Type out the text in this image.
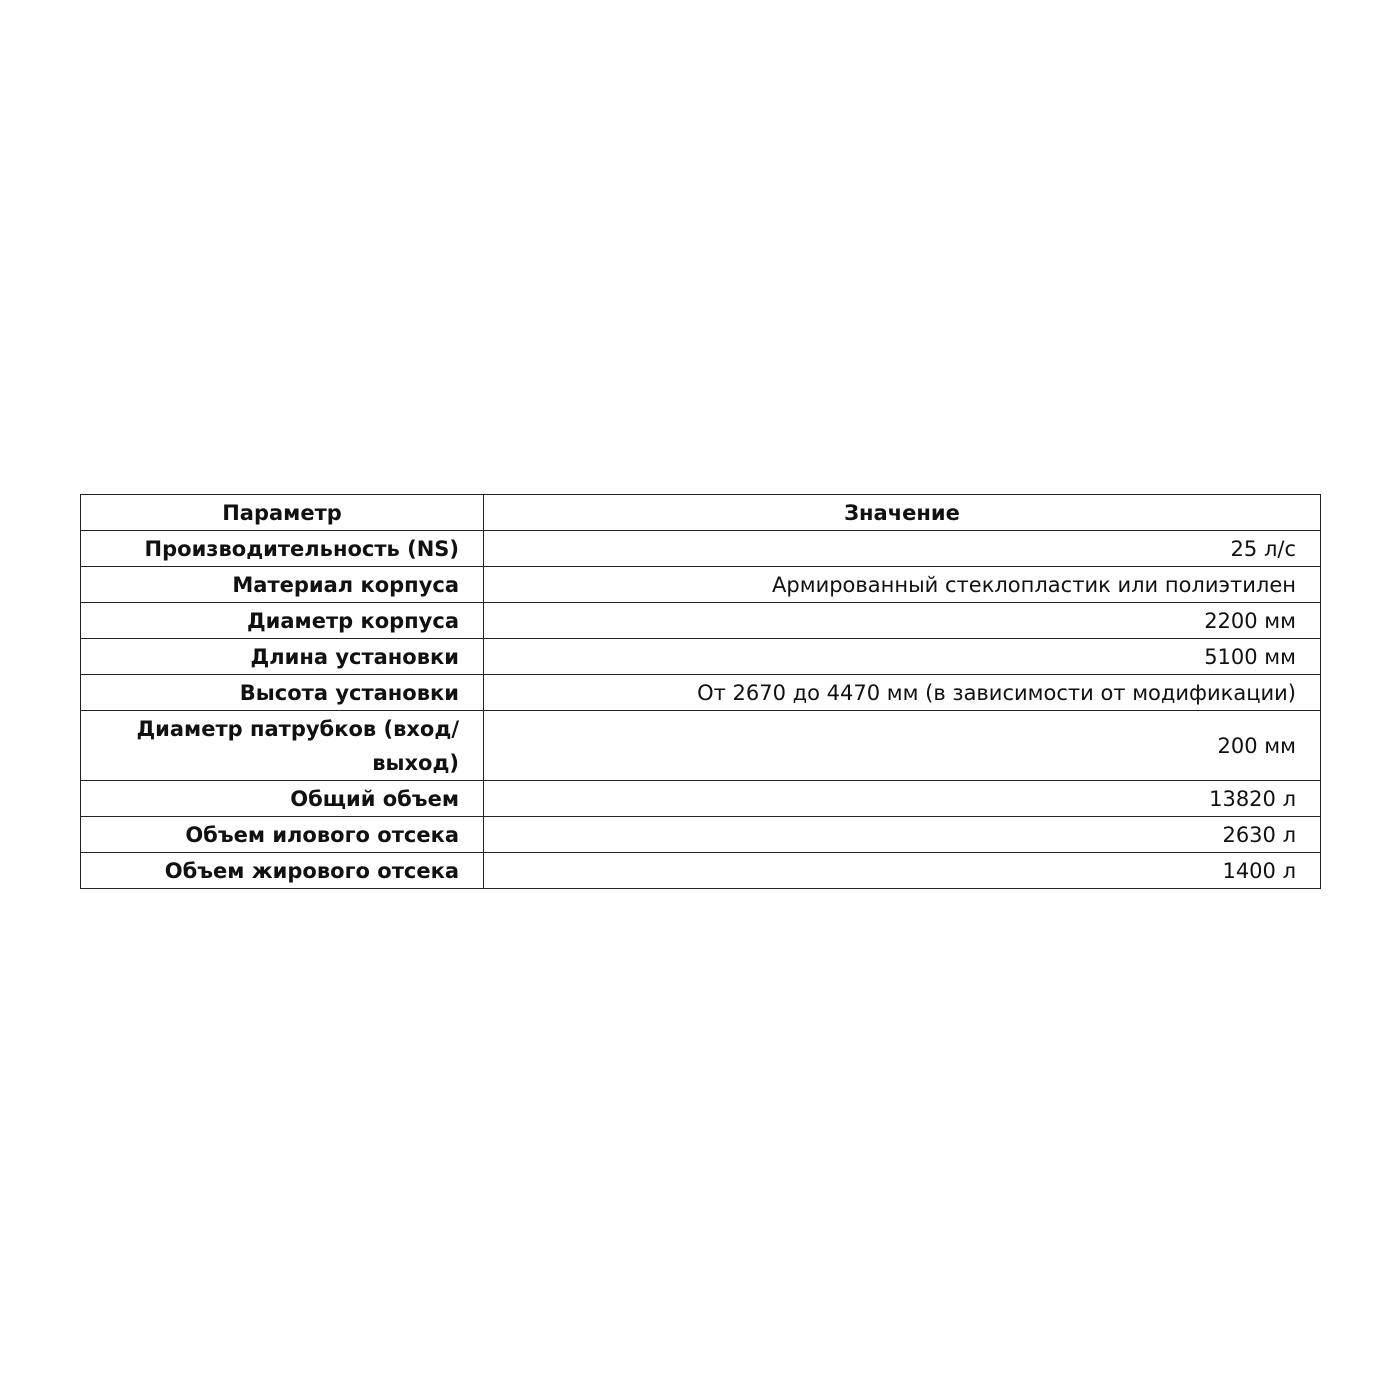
Параметр	Значение
Производительность (NS)	25 л/с
Материал корпуса	Армированный стеклопластик или полиэтилен
Диаметр корпуса	2200 мм
Длина установки	5100 мм
Высота установки	От 2670 до 4470 мм (в зависимости от модификации)
Диаметр патрубков (вход/выход)	200 мм
Общий объем	13820 л
Объем илового отсека	2630 л
Объем жирового отсека	1400 л
